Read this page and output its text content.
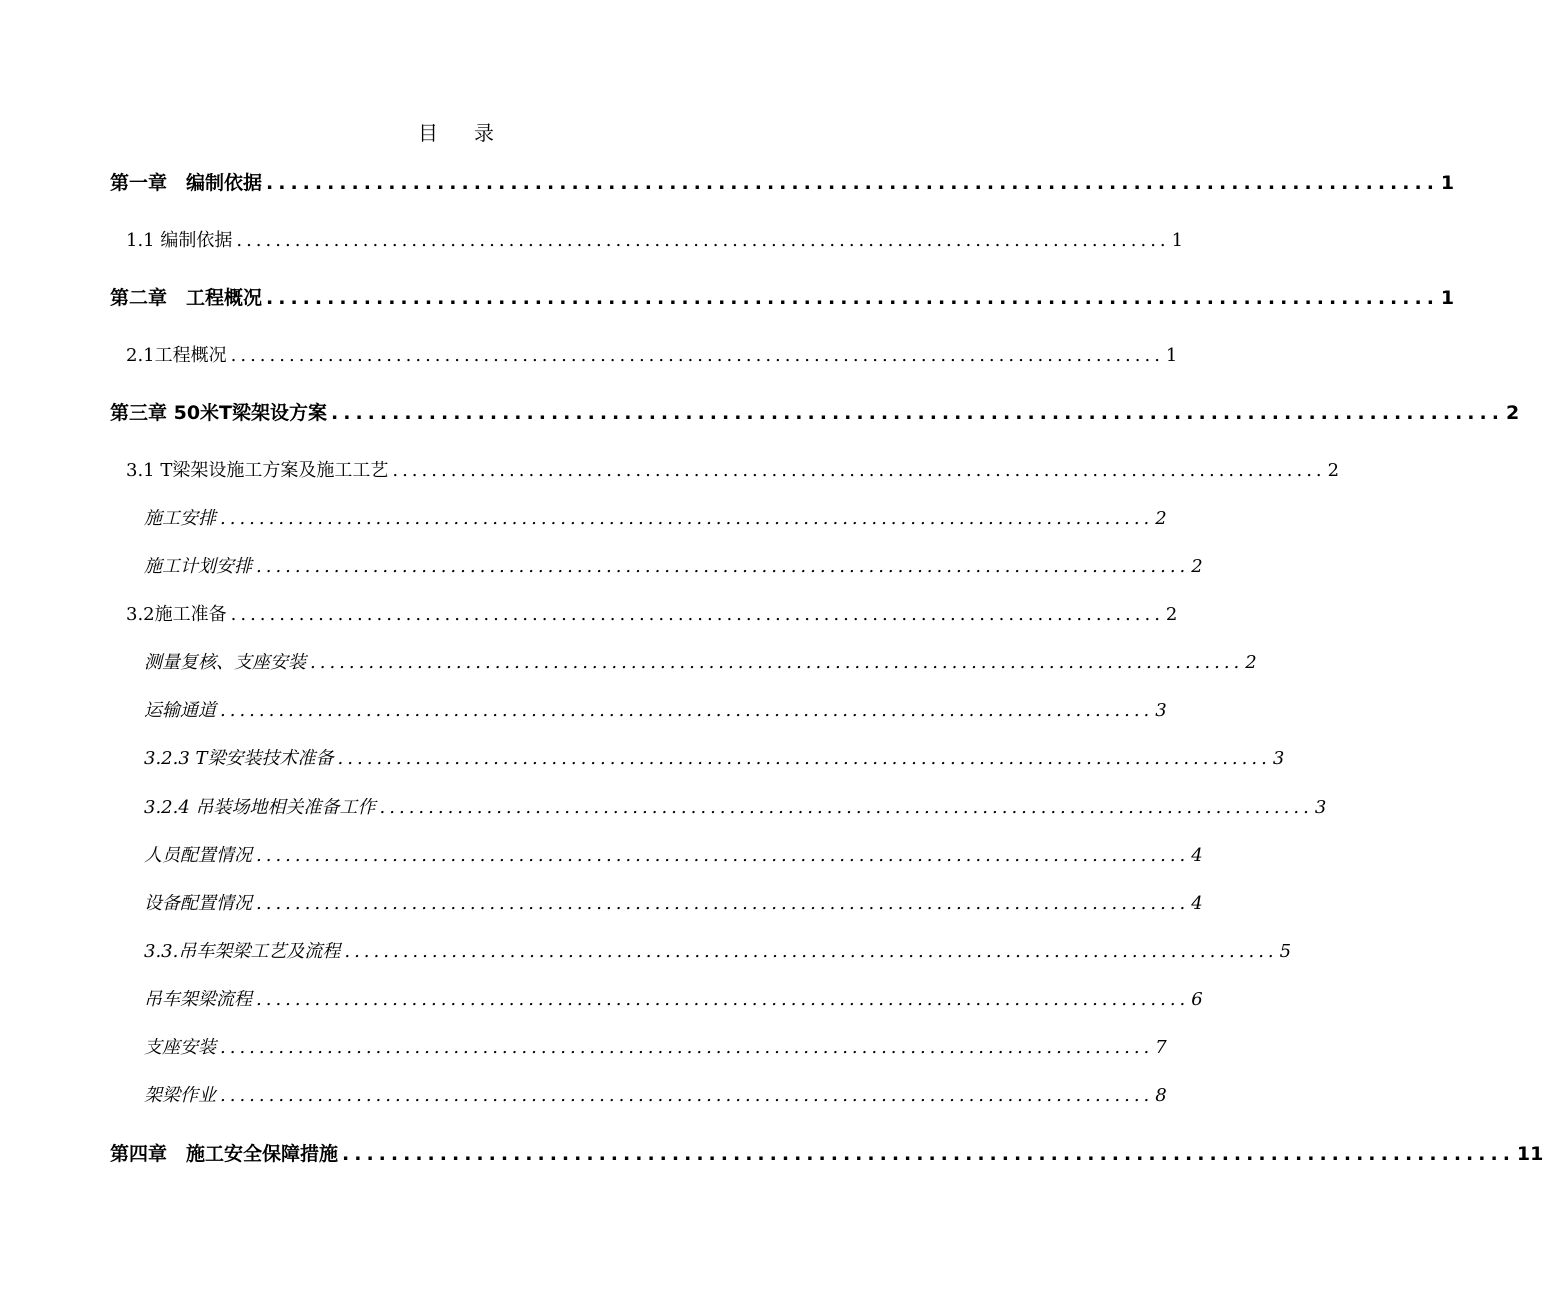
目　录
第一章　编制依据 ................................................................................................ 1
1.1 编制依据 ................................................................................................ 1
第二章　工程概况 ................................................................................................ 1
2.1工程概况 ................................................................................................ 1
第三章 50米T梁架设方案 ................................................................................................ 2
3.1 T梁架设施工方案及施工工艺 ................................................................................................ 2
施工安排 ................................................................................................ 2
施工计划安排 ................................................................................................ 2
3.2施工准备 ................................................................................................ 2
测量复核、支座安装 ................................................................................................ 2
运输通道 ................................................................................................ 3
3.2.3 T梁安装技术准备 ................................................................................................ 3
3.2.4 吊装场地相关准备工作 ................................................................................................ 3
人员配置情况 ................................................................................................ 4
设备配置情况 ................................................................................................ 4
3.3.吊车架梁工艺及流程 ................................................................................................ 5
吊车架梁流程 ................................................................................................ 6
支座安装 ................................................................................................ 7
架梁作业 ................................................................................................ 8
第四章　施工安全保障措施 ................................................................................................ 11
